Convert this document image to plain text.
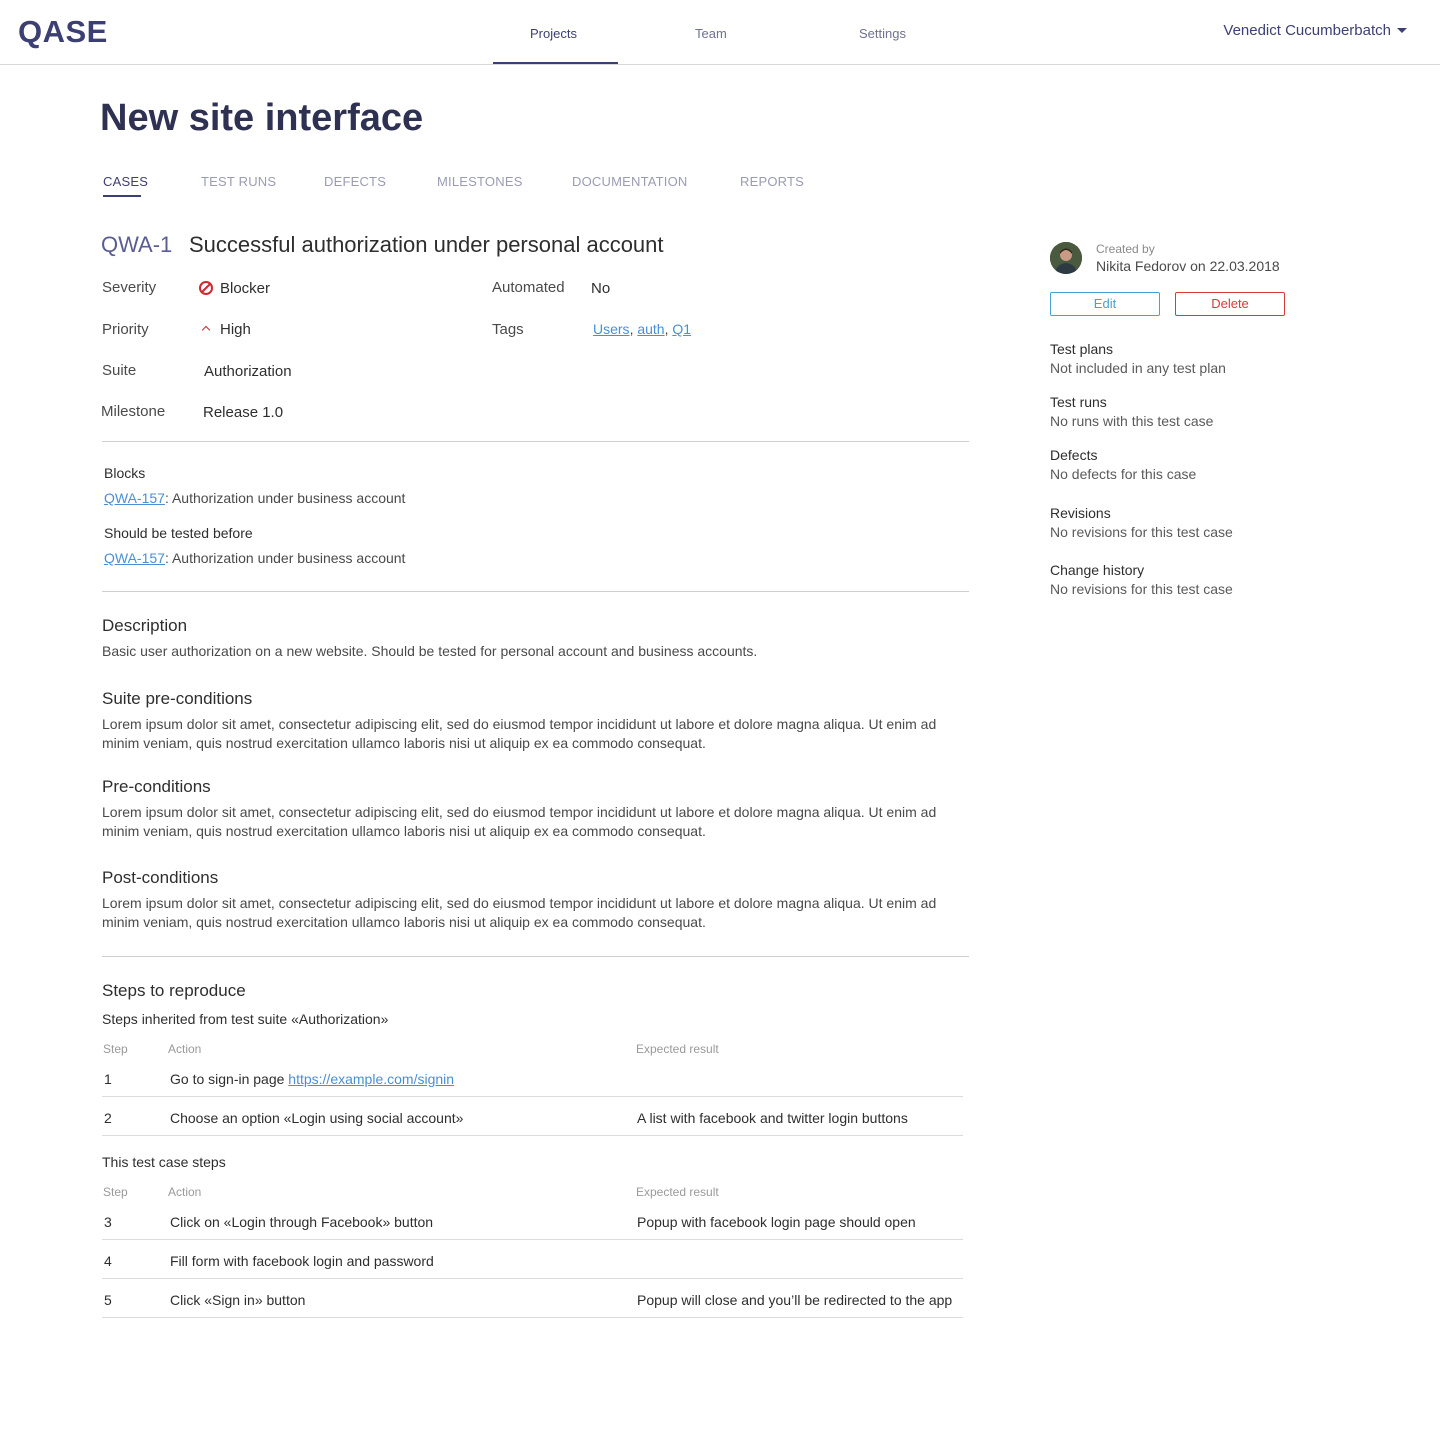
QASE	Projects	Team	Settings	Venedict Cucumberbatch
New site interface
CASES	TEST RUNS	DEFECTS	MILESTONES	DOCUMENTATION	REPORTS
QWA-1 Successful authorization under personal account
Severity	Blocker
Priority	High
Suite	Authorization
Milestone	Release 1.0
Automated No
Tags	Users, auth, Q1
Blocks
QWA-157: Authorization under business account
Should be tested before
QWA-157: Authorization under business account
Description
Basic user authorization on a new website. Should be tested for personal account and business accounts.
Suite pre-conditions
Lorem ipsum dolor sit amet, consectetur adipiscing elit, sed do eiusmod tempor incididunt ut labore et dolore magna aliqua. Ut enim ad minim veniam, quis nostrud exercitation ullamco laboris nisi ut aliquip ex ea commodo consequat.
Pre-conditions
Lorem ipsum dolor sit amet, consectetur adipiscing elit, sed do eiusmod tempor incididunt ut labore et dolore magna aliqua. Ut enim ad minim veniam, quis nostrud exercitation ullamco laboris nisi ut aliquip ex ea commodo consequat.
Post-conditions
Lorem ipsum dolor sit amet, consectetur adipiscing elit, sed do eiusmod tempor incididunt ut labore et dolore magna aliqua. Ut enim ad minim veniam, quis nostrud exercitation ullamco laboris nisi ut aliquip ex ea commodo consequat.
Steps to reproduce
Steps inherited from test suite «Authorization»
Step	Action	Expected result
1	Go to sign-in page https://example.com/signin
2	Choose an option «Login using social account»	A list with facebook and twitter login buttons
This test case steps
Step	Action	Expected result
3	Click on «Login through Facebook» button	Popup with facebook login page should open
4	Fill form with facebook login and password
5	Click «Sign in» button	Popup will close and you’ll be redirected to the app
Created by
Nikita Fedorov on 22.03.2018
Edit	Delete
Test plans
Not included in any test plan
Test runs
No runs with this test case
Defects
No defects for this case
Revisions
No revisions for this test case
Change history
No revisions for this test case
